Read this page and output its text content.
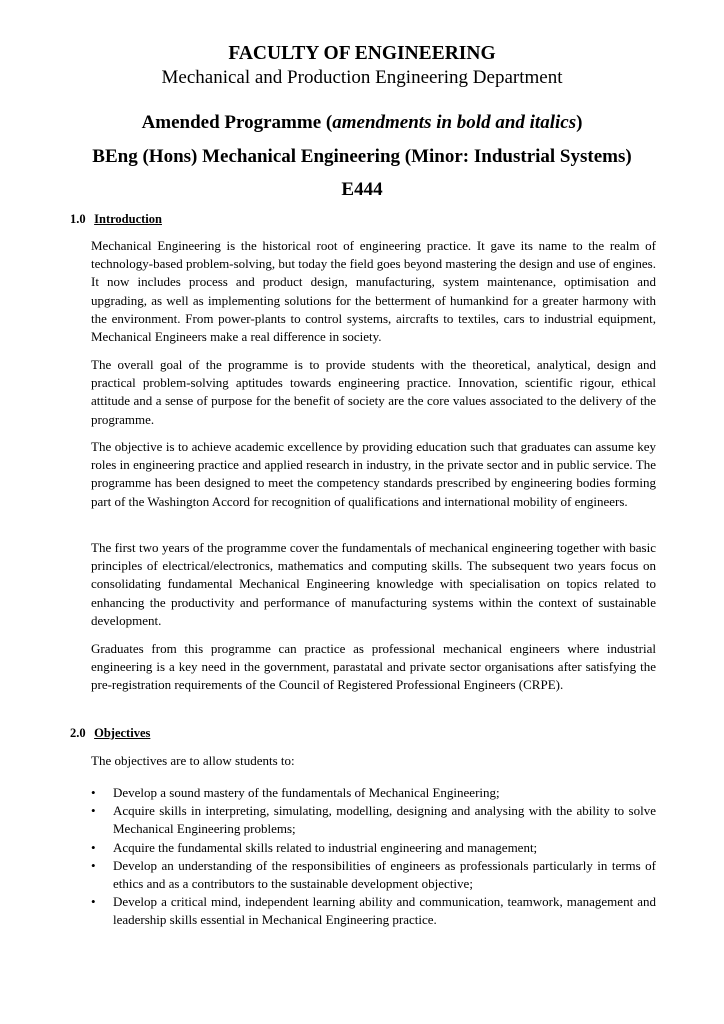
FACULTY OF ENGINEERING
Mechanical and Production Engineering Department
Amended Programme (amendments in bold and italics)
BEng (Hons) Mechanical Engineering (Minor: Industrial Systems)
E444
1.0 Introduction

Mechanical Engineering is the historical root of engineering practice. It gave its name to the realm of technology-based problem-solving, but today the field goes beyond mastering the design and use of engines. It now includes process and product design, manufacturing, system maintenance, optimisation and upgrading, as well as implementing solutions for the betterment of humankind for a greater harmony with the environment. From power-plants to control systems, aircrafts to textiles, cars to industrial equipment, Mechanical Engineers make a real difference in society.

The overall goal of the programme is to provide students with the theoretical, analytical, design and practical problem-solving aptitudes towards engineering practice. Innovation, scientific rigour, ethical attitude and a sense of purpose for the benefit of society are the core values associated to the delivery of the programme.

The objective is to achieve academic excellence by providing education such that graduates can assume key roles in engineering practice and applied research in industry, in the private sector and in public service. The programme has been designed to meet the competency standards prescribed by engineering bodies forming part of the Washington Accord for recognition of qualifications and international mobility of engineers.

The first two years of the programme cover the fundamentals of mechanical engineering together with basic principles of electrical/electronics, mathematics and computing skills. The subsequent two years focus on consolidating fundamental Mechanical Engineering knowledge with specialisation on topics related to enhancing the productivity and performance of manufacturing systems within the context of sustainable development.

Graduates from this programme can practice as professional mechanical engineers where industrial engineering is a key need in the government, parastatal and private sector organisations after satisfying the pre-registration requirements of the Council of Registered Professional Engineers (CRPE).

2.0 Objectives

The objectives are to allow students to:

•	Develop a sound mastery of the fundamentals of Mechanical Engineering;
•	Acquire skills in interpreting, simulating, modelling, designing and analysing with the ability to solve Mechanical Engineering problems;
•	Acquire the fundamental skills related to industrial engineering and management;
•	Develop an understanding of the responsibilities of engineers as professionals particularly in terms of ethics and as a contributors to the sustainable development objective;
•	Develop a critical mind, independent learning ability and communication, teamwork, management and leadership skills essential in Mechanical Engineering practice.
